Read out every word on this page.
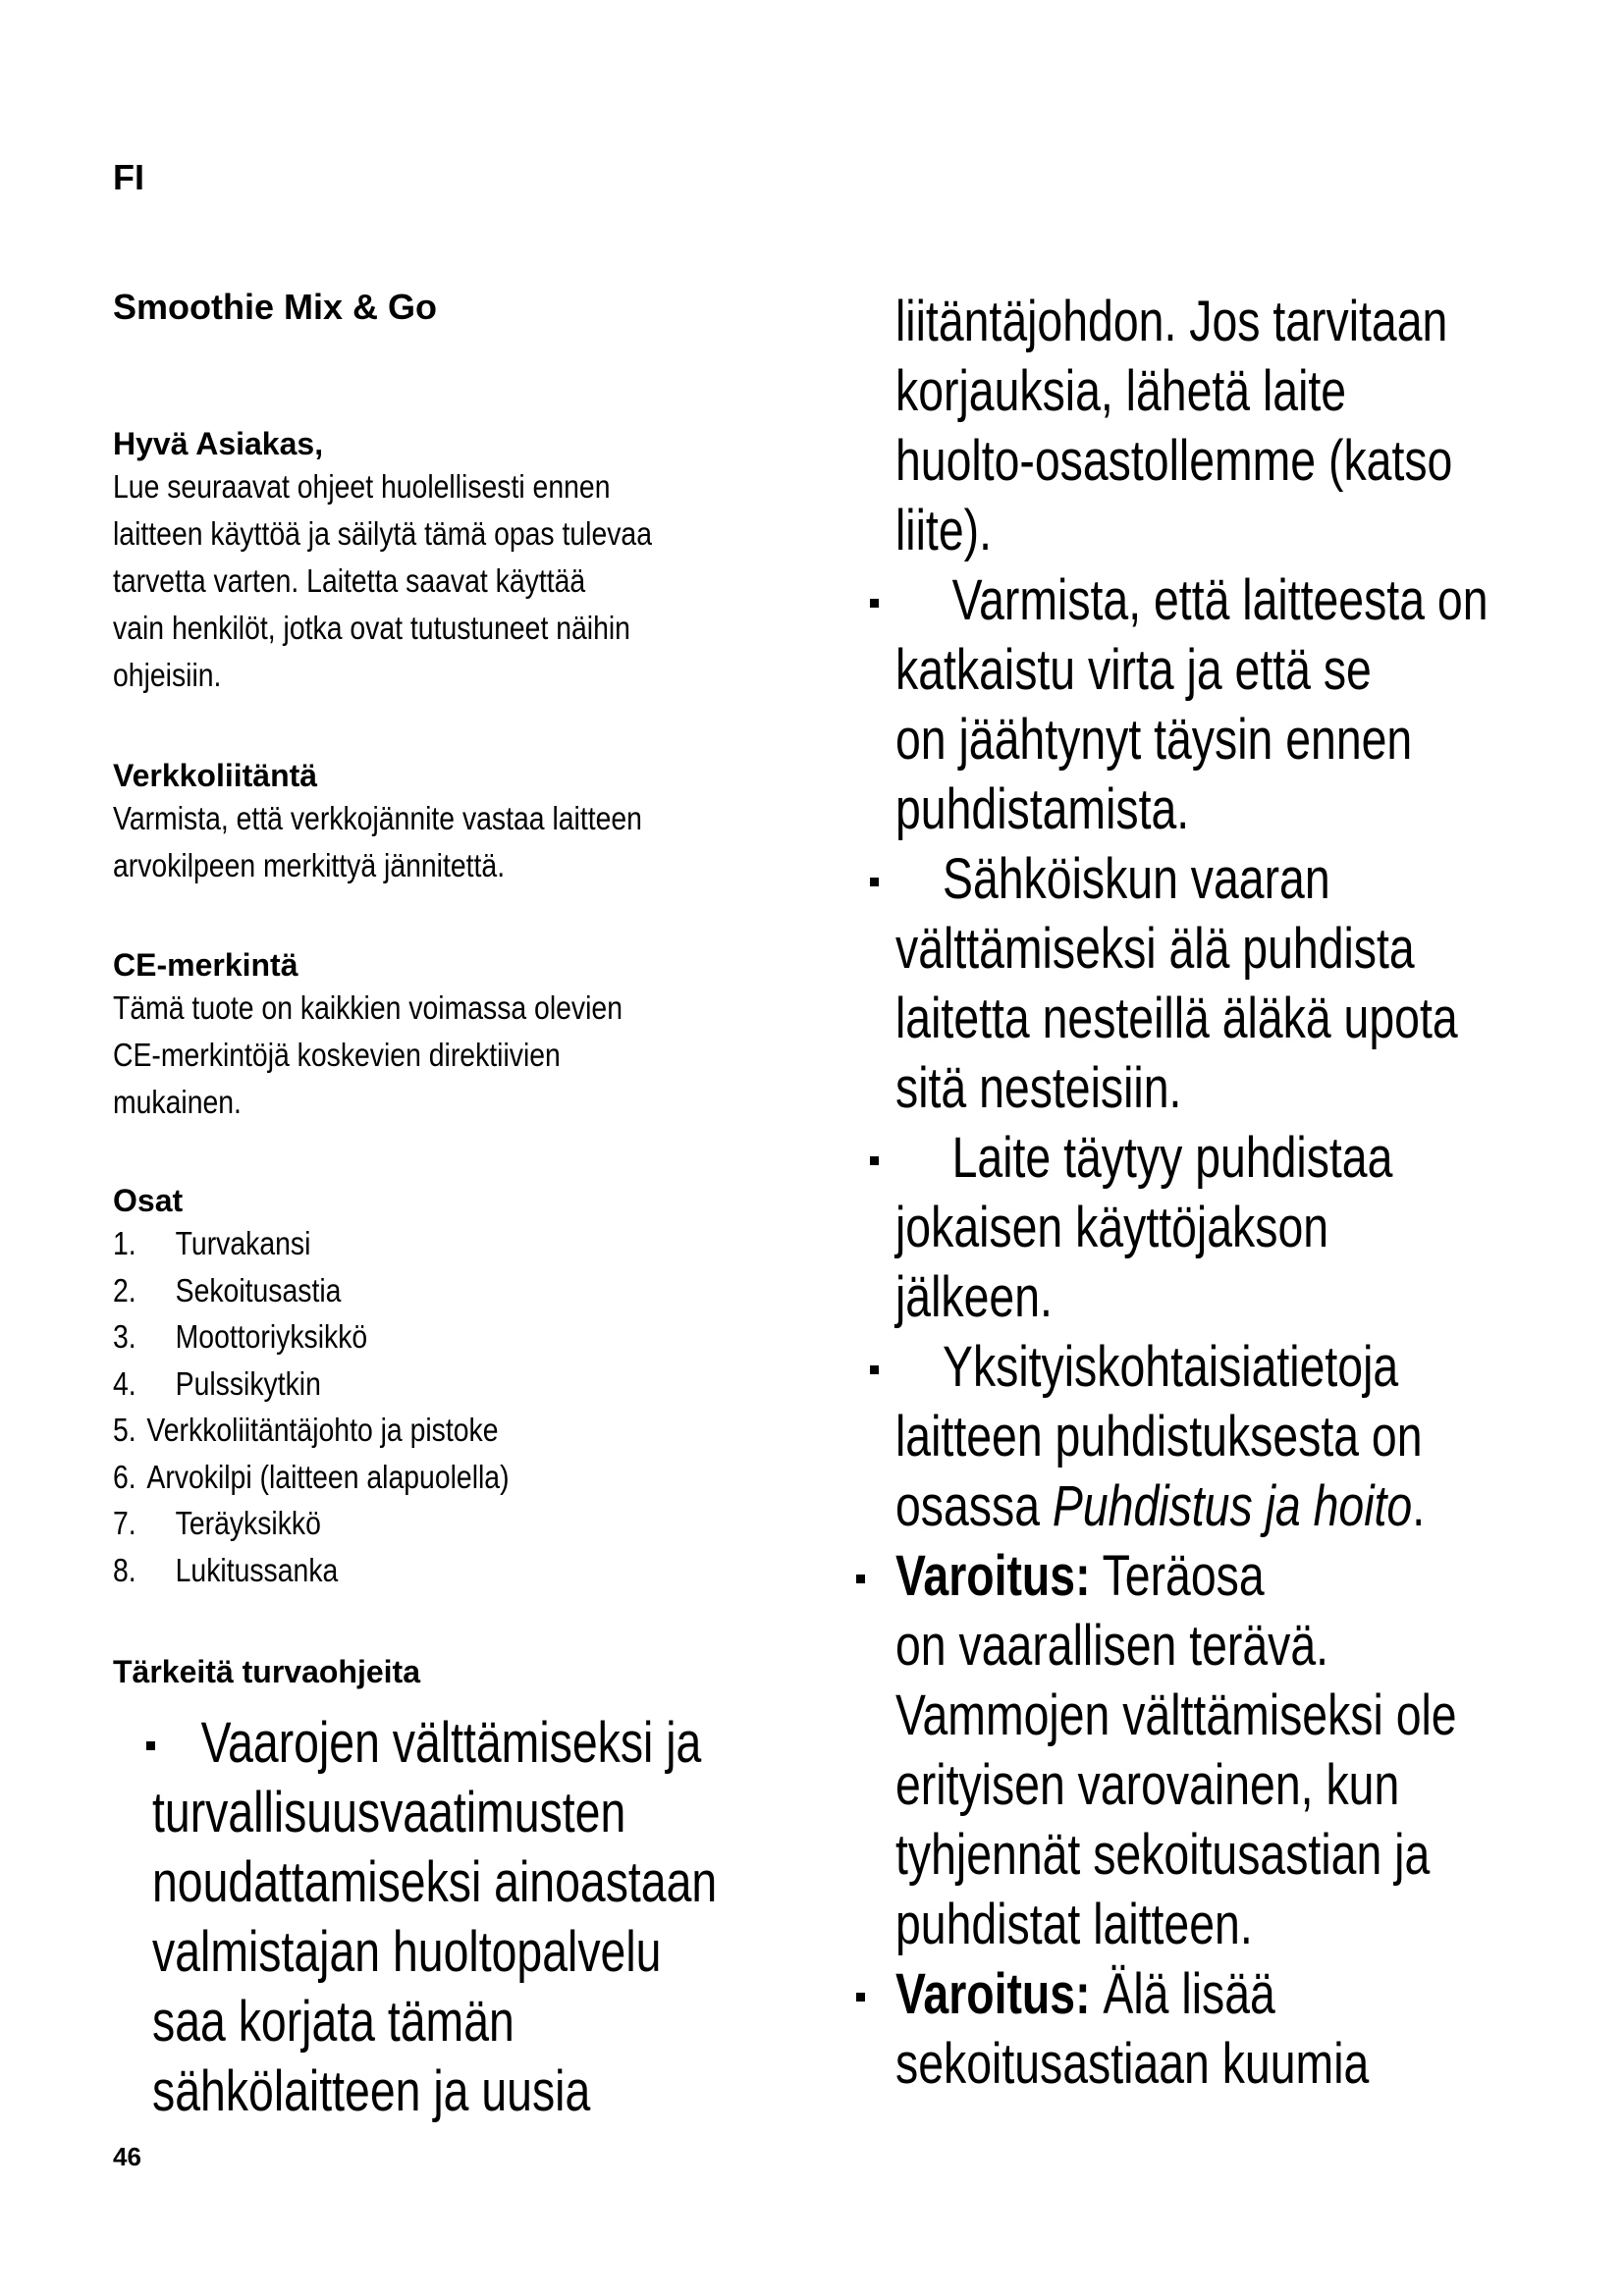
FI
Smoothie Mix & Go

Hyvä Asiakas,

Lue seuraavat ohjeet huolellisesti ennen

laitteen käyttöä ja säilytä tämä opas tulevaa

tarvetta varten. Laitetta saavat käyttää

vain henkilöt, jotka ovat tutustuneet näihin

ohjeisiin.

Verkkoliitäntä

Varmista, että verkkojännite vastaa laitteen

arvokilpeen merkittyä jännitettä.

CE-merkintä

Tämä tuote on kaikkien voimassa olevien

CE-merkintöjä koskevien direktiivien

mukainen.

Osat

1. Turvakansi
2. Sekoitusastia
3. Moottoriyksikkö
4. Pulssikytkin
5. Verkkoliitäntäjohto ja pistoke
6. Arvokilpi (laitteen alapuolella)
7. Teräyksikkö
8. Lukitussanka

Tärkeitä turvaohjeita

Vaarojen välttämiseksi ja

turvallisuusvaatimusten

noudattamiseksi ainoastaan

valmistajan huoltopalvelu

saa korjata tämän

sähkölaitteen ja uusia

liitäntäjohdon. Jos tarvitaan

korjauksia, lähetä laite

huolto-osastollemme (katso

liite).

Varmista, että laitteesta on

katkaistu virta ja että se

on jäähtynyt täysin ennen

puhdistamista.

Sähköiskun vaaran

välttämiseksi älä puhdista

laitetta nesteillä äläkä upota

sitä nesteisiin.

Laite täytyy puhdistaa

jokaisen käyttöjakson

jälkeen.

Yksityiskohtaisiatietoja

laitteen puhdistuksesta on

osassa Puhdistus ja hoito.

Varoitus: Teräosa

on vaarallisen terävä.

Vammojen välttämiseksi ole

erityisen varovainen, kun

tyhjennät sekoitusastian ja

puhdistat laitteen.

Varoitus: Älä lisää

sekoitusastiaan kuumia

46
